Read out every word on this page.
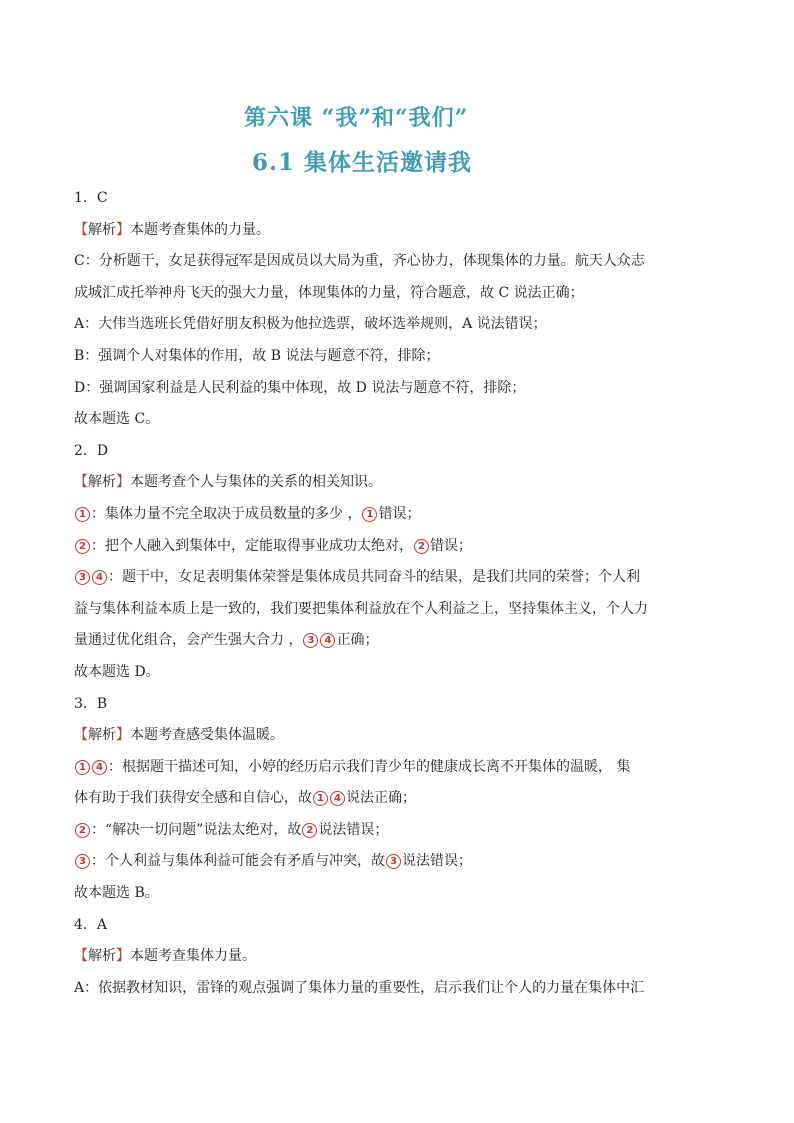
第六课 “我”和“我们”
6.1 集体生活邀请我
1．C
【解析】本题考查集体的力量。
C：分析题干，女足获得冠军是因成员以大局为重，齐心协力，体现集体的力量。航天人众志
成城汇成托举神舟飞天的强大力量，体现集体的力量，符合题意，故 C 说法正确；
A：大伟当选班长凭借好朋友积极为他拉选票，破坏选举规则，A 说法错误；
B：强调个人对集体的作用，故 B 说法与题意不符，排除；
D：强调国家利益是人民利益的集中体现，故 D 说法与题意不符，排除；
故本题选 C。
2．D
【解析】本题考查个人与集体的关系的相关知识。
1 ：集体力量不完全取决于成员数量的多少 ， 1 错误；
2 ：把个人融入到集体中，定能取得事业成功太绝对， 2 错误；
3 4 ：题干中，女足表明集体荣誉是集体成员共同奋斗的结果，是我们共同的荣誉；个人利
益与集体利益本质上是一致的，我们要把集体利益放在个人利益之上，坚持集体主义，个人力
量通过优化组合，会产生强大合力 ， 3 4 正确；
故本题选 D。
3．B
【解析】本题考查感受集体温暖。
1 4 ：根据题干描述可知，小婷的经历启示我们青少年的健康成长离不开集体的温暖， 集
体有助于我们获得安全感和自信心，故 1 4 说法正确；
2 ：“解决一切问题”说法太绝对，故 2 说法错误；
3 ：个人利益与集体利益可能会有矛盾与冲突，故 3 说法错误；
故本题选 B。
4．A
【解析】本题考查集体力量。
A：依据教材知识，雷锋的观点强调了集体力量的重要性，启示我们让个人的力量在集体中汇
